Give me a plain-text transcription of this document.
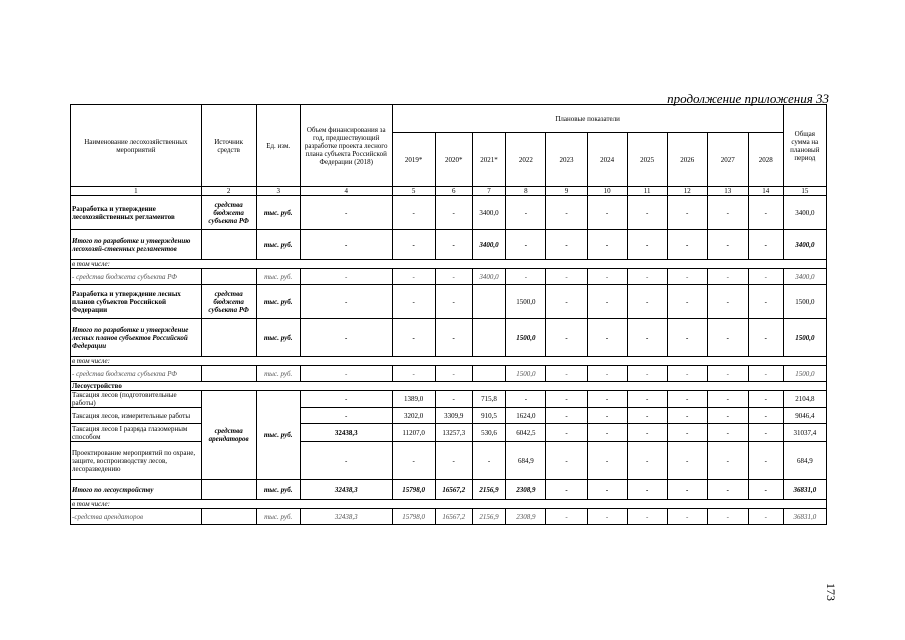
продолжение приложения 33
Наименование лесохозяйственных мероприятий	Источник средств	Ед. изм.	Объем финансирования за год, предшествующий разработке проекта лесного плана субъекта Российской Федерации (2018)	Плановые показатели										Общая сумма на плановый период
				2019*	2020*	2021*	2022	2023	2024	2025	2026	2027	2028	
1	2	3	4	5	6	7	8	9	10	11	12	13	14	15
Разработка и утверждение лесохозяйственных регламентов	средства бюджета субъекта РФ	тыс. руб.	-	-	-	3400,0	-	-	-	-	-	-	-	3400,0
Итого по разработке и утверждению лесохозяй-ственных регламентов		тыс. руб.	-	-	-	3400,0	-	-	-	-	-	-	-	3400,0
в том числе:														
- средства бюджета субъекта РФ		тыс. руб.	-	-	-	3400,0	-	-	-	-	-	-	-	3400,0
Разработка и утверждение лесных планов субъектов Российской Федерации	средства бюджета субъекта РФ	тыс. руб.	-	-	-		1500,0	-	-	-	-	-	-	1500,0
Итого по разработке и утверждение лесных планов субъектов Российской Федерации		тыс. руб.	-	-	-		1500,0	-	-	-	-	-	-	1500,0
в том числе:														
- средства бюджета субъекта РФ		тыс. руб.	-	-	-		1500,0	-	-	-	-	-	-	1500,0
Лесоустройство														
Таксация лесов (подготовительные работы)	средства арендаторов	тыс. руб.	-	1389,0	-	715,8	-	-	-	-	-	-	-	2104,8
Таксация лесов, измерительные работы			-	3202,0	3309,9	910,5	1624,0	-	-	-	-	-	-	9046,4
Таксация лесов I разряда глазомерным способом			32438,3	11207,0	13257,3	530,6	6042,5	-	-	-	-	-	-	31037,4
Проектирование мероприятий по охране, защите, воспроизводству лесов, лесоразведению			-	-	-	-	684,9	-	-	-	-	-	-	684,9
Итого по лесоустройству		тыс. руб.	32438,3	15798,0	16567,2	2156,9	2308,9	-	-	-	-	-	-	36831,0
в том числе:														
-средства арендаторов		тыс. руб.	32438,3	15798,0	16567,2	2156,9	2308,9	-	-	-	-	-	-	36831,0
173
